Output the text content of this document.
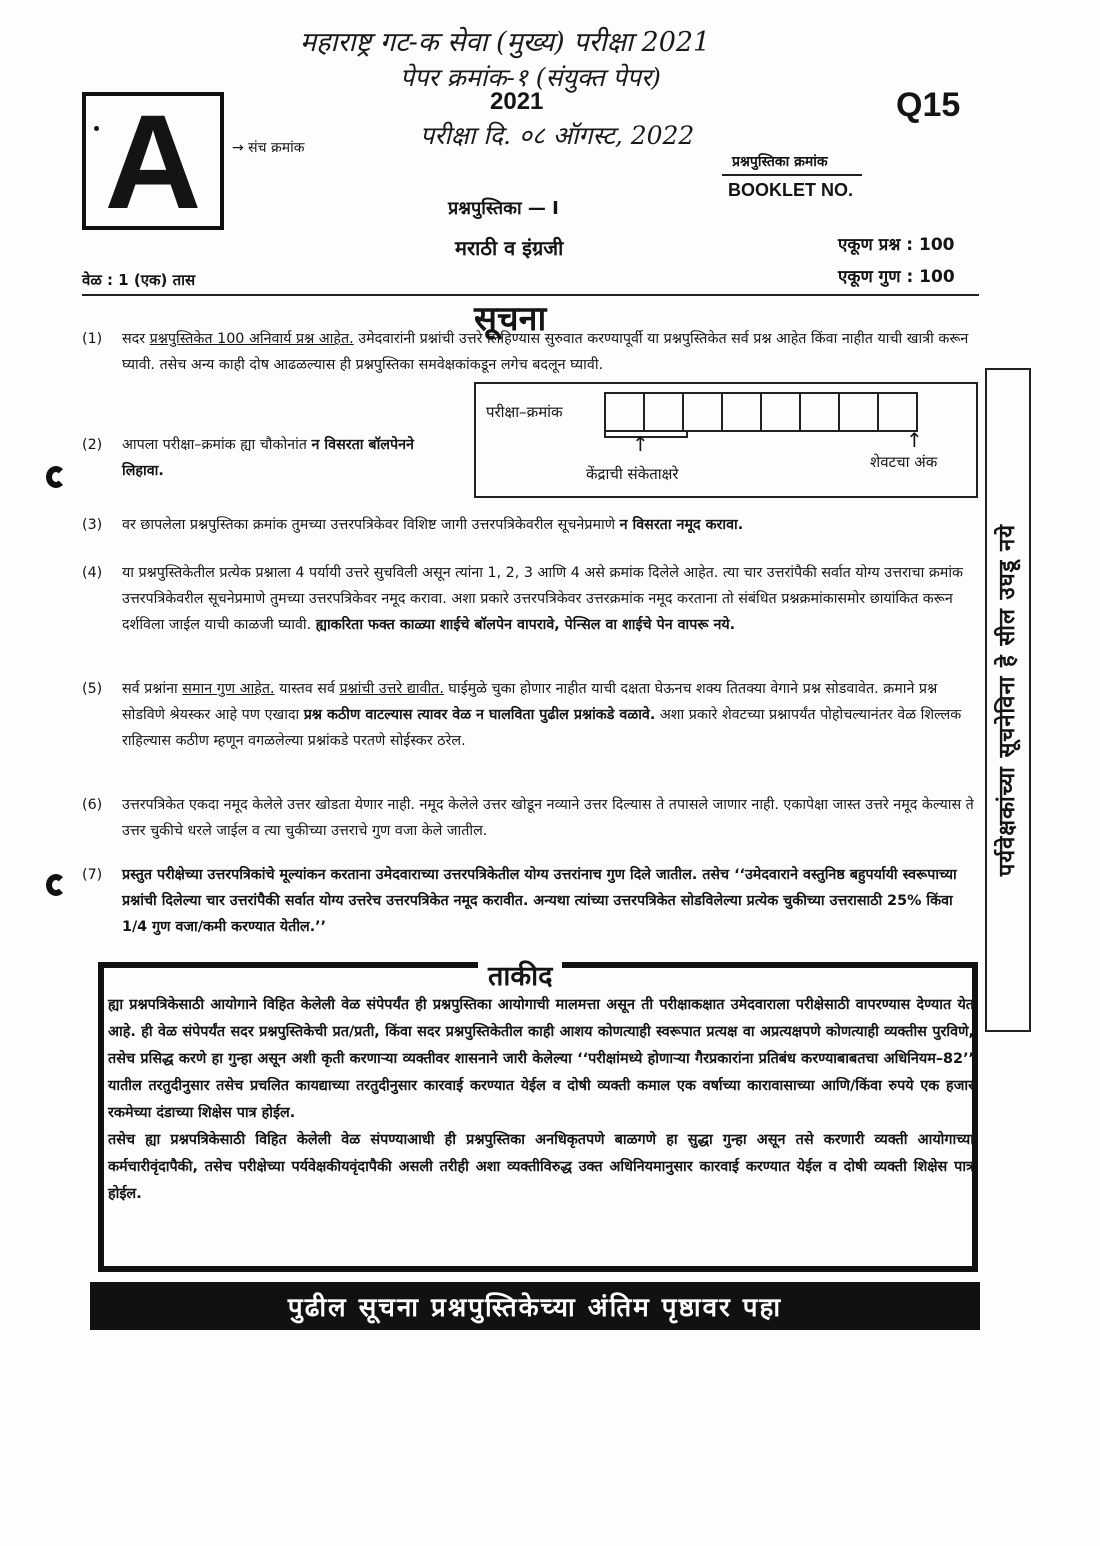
महाराष्ट्र गट-क सेवा (मुख्य) परीक्षा 2021
पेपर क्रमांक-१ (संयुक्त पेपर)
परीक्षा दि. ०८ ऑगस्ट, 2022
2021	Q15
A → संच क्रमांक
प्रश्नपुस्तिका क्रमांक
BOOKLET NO.
प्रश्नपुस्तिका — I
मराठी व इंग्रजी	एकूण प्रश्न : 100
एकूण गुण : 100
वेळ : 1 (एक) तास
सूचना
(1) सदर प्रश्नपुस्तिकेत 100 अनिवार्य प्रश्न आहेत. उमेदवारांनी प्रश्नांची उत्तरे लिहिण्यास सुरुवात करण्यापूर्वी या प्रश्नपुस्तिकेत सर्व प्रश्न आहेत किंवा नाहीत याची खात्री करून घ्यावी. तसेच अन्य काही दोष आढळल्यास ही प्रश्नपुस्तिका समवेक्षकांकडून लगेच बदलून घ्यावी.
(2) आपला परीक्षा–क्रमांक ह्या चौकोनांत न विसरता बॉलपेनने लिहावा.
परीक्षा–क्रमांक
↑	↑
केंद्राची संकेताक्षरे
शेवटचा अंक
(3) वर छापलेला प्रश्नपुस्तिका क्रमांक तुमच्या उत्तरपत्रिकेवर विशिष्ट जागी उत्तरपत्रिकेवरील सूचनेप्रमाणे न विसरता नमूद करावा.
(4) या प्रश्नपुस्तिकेतील प्रत्येक प्रश्नाला 4 पर्यायी उत्तरे सुचविली असून त्यांना 1, 2, 3 आणि 4 असे क्रमांक दिलेले आहेत. त्या चार उत्तरांपैकी सर्वात योग्य उत्तराचा क्रमांक उत्तरपत्रिकेवरील सूचनेप्रमाणे तुमच्या उत्तरपत्रिकेवर नमूद करावा. अशा प्रकारे उत्तरपत्रिकेवर उत्तरक्रमांक नमूद करताना तो संबंधित प्रश्नक्रमांकासमोर छायांकित करून दर्शविला जाईल याची काळजी घ्यावी. ह्याकरिता फक्त काळ्या शाईचे बॉलपेन वापरावे, पेन्सिल वा शाईचे पेन वापरू नये.
(5) सर्व प्रश्नांना समान गुण आहेत. यास्तव सर्व प्रश्नांची उत्तरे द्यावीत. घाईमुळे चुका होणार नाहीत याची दक्षता घेऊनच शक्य तितक्या वेगाने प्रश्न सोडवावेत. क्रमाने प्रश्न सोडविणे श्रेयस्कर आहे पण एखादा प्रश्न कठीण वाटल्यास त्यावर वेळ न घालविता पुढील प्रश्नांकडे वळावे. अशा प्रकारे शेवटच्या प्रश्नापर्यंत पोहोचल्यानंतर वेळ शिल्लक राहिल्यास कठीण म्हणून वगळलेल्या प्रश्नांकडे परतणे सोईस्कर ठरेल.
(6) उत्तरपत्रिकेत एकदा नमूद केलेले उत्तर खोडता येणार नाही. नमूद केलेले उत्तर खोडून नव्याने उत्तर दिल्यास ते तपासले जाणार नाही. एकापेक्षा जास्त उत्तरे नमूद केल्यास ते उत्तर चुकीचे धरले जाईल व त्या चुकीच्या उत्तराचे गुण वजा केले जातील.
(7) प्रस्तुत परीक्षेच्या उत्तरपत्रिकांचे मूल्यांकन करताना उमेदवाराच्या उत्तरपत्रिकेतील योग्य उत्तरांनाच गुण दिले जातील. तसेच ‘‘उमेदवाराने वस्तुनिष्ठ बहुपर्यायी स्वरूपाच्या प्रश्नांची दिलेल्या चार उत्तरांपैकी सर्वात योग्य उत्तरेच उत्तरपत्रिकेत नमूद करावीत. अन्यथा त्यांच्या उत्तरपत्रिकेत सोडविलेल्या प्रत्येक चुकीच्या उत्तरासाठी 25% किंवा 1/4 गुण वजा/कमी करण्यात येतील.’’
पर्यवेक्षकांच्या सूचनेविना हे सील उघडू नये
ताकीद

ह्या प्रश्नपत्रिकेसाठी आयोगाने विहित केलेली वेळ संपेपर्यंत ही प्रश्नपुस्तिका आयोगाची मालमत्ता असून ती परीक्षाकक्षात उमेदवाराला परीक्षेसाठी वापरण्यास देण्यात येत आहे. ही वेळ संपेपर्यंत सदर प्रश्नपुस्तिकेची प्रत/प्रती, किंवा सदर प्रश्नपुस्तिकेतील काही आशय कोणत्याही स्वरूपात प्रत्यक्ष वा अप्रत्यक्षपणे कोणत्याही व्यक्तीस पुरविणे, तसेच प्रसिद्ध करणे हा गुन्हा असून अशी कृती करणाऱ्या व्यक्तीवर शासनाने जारी केलेल्या ‘‘परीक्षांमध्ये होणाऱ्या गैरप्रकारांना प्रतिबंध करण्याबाबतचा अधिनियम–82’’ यातील तरतुदीनुसार तसेच प्रचलित कायद्याच्या तरतुदीनुसार कारवाई करण्यात येईल व दोषी व्यक्ती कमाल एक वर्षाच्या कारावासाच्या आणि/किंवा रुपये एक हजार रकमेच्या दंडाच्या शिक्षेस पात्र होईल.

तसेच ह्या प्रश्नपत्रिकेसाठी विहित केलेली वेळ संपण्याआधी ही प्रश्नपुस्तिका अनधिकृतपणे बाळगणे हा सुद्धा गुन्हा असून तसे करणारी व्यक्ती आयोगाच्या कर्मचारीवृंदापैकी, तसेच परीक्षेच्या पर्यवेक्षकीयवृंदापैकी असली तरीही अशा व्यक्तीविरुद्ध उक्त अधिनियमानुसार कारवाई करण्यात येईल व दोषी व्यक्ती शिक्षेस पात्र होईल.

पुढील सूचना प्रश्नपुस्तिकेच्या अंतिम पृष्ठावर पहा
